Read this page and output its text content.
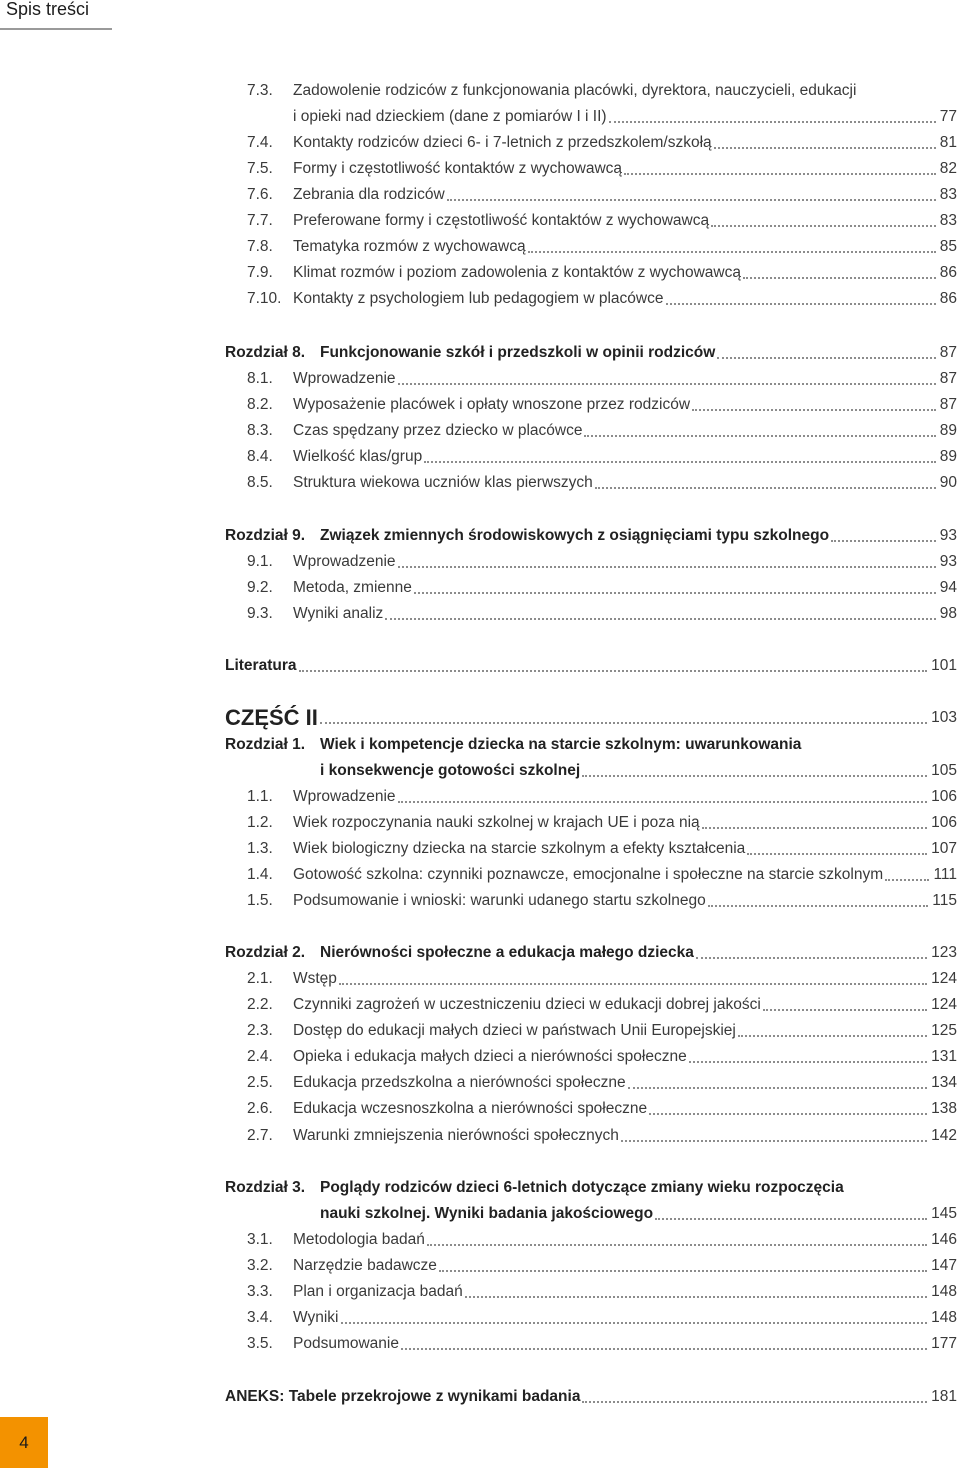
Spis treści
7.3.	Zadowolenie rodziców z funkcjonowania placówki, dyrektora, nauczycieli, edukacji
i opieki nad dzieckiem (dane z pomiarów I i II)	77
7.4.	Kontakty rodziców dzieci 6- i 7-letnich z przedszkolem/szkołą	81
7.5.	Formy i częstotliwość kontaktów z wychowawcą	82
7.6.	Zebrania dla rodziców	83
7.7.	Preferowane formy i częstotliwość kontaktów z wychowawcą	83
7.8.	Tematyka rozmów z wychowawcą	85
7.9.	Klimat rozmów i poziom zadowolenia z kontaktów z wychowawcą	86
7.10. Kontakty z psychologiem lub pedagogiem w placówce	86
Rozdział 8. Funkcjonowanie szkół i przedszkoli w opinii rodziców	87
8.1.	Wprowadzenie	87
8.2.	Wyposażenie placówek i opłaty wnoszone przez rodziców	87
8.3.	Czas spędzany przez dziecko w placówce	89
8.4.	Wielkość klas/grup	89
8.5.	Struktura wiekowa uczniów klas pierwszych	90
Rozdział 9. Związek zmiennych środowiskowych z osiągnięciami typu szkolnego	93
9.1.	Wprowadzenie	93
9.2.	Metoda, zmienne	94
9.3.	Wyniki analiz	98
Literatura	101
CZĘŚĆ II	103
Rozdział 1. Wiek i kompetencje dziecka na starcie szkolnym: uwarunkowania
i konsekwencje gotowości szkolnej	105
1.1.	Wprowadzenie	106
1.2.	Wiek rozpoczynania nauki szkolnej w krajach UE i poza nią	106
1.3.	Wiek biologiczny dziecka na starcie szkolnym a efekty kształcenia	107
1.4.	Gotowość szkolna: czynniki poznawcze, emocjonalne i społeczne na starcie szkolnym	111
1.5.	Podsumowanie i wnioski: warunki udanego startu szkolnego	115
Rozdział 2. Nierówności społeczne a edukacja małego dziecka	123
2.1.	Wstęp	124
2.2.	Czynniki zagrożeń w uczestniczeniu dzieci w edukacji dobrej jakości	124
2.3.	Dostęp do edukacji małych dzieci w państwach Unii Europejskiej	125
2.4.	Opieka i edukacja małych dzieci a nierówności społeczne	131
2.5.	Edukacja przedszkolna a nierówności społeczne	134
2.6.	Edukacja wczesnoszkolna a nierówności społeczne	138
2.7.	Warunki zmniejszenia nierówności społecznych	142
Rozdział 3. Poglądy rodziców dzieci 6-letnich dotyczące zmiany wieku rozpoczęcia
nauki szkolnej. Wyniki badania jakościowego	145
3.1.	Metodologia badań	146
3.2.	Narzędzie badawcze	147
3.3.	Plan i organizacja badań	148
3.4.	Wyniki	148
3.5.	Podsumowanie	177
ANEKS: Tabele przekrojowe z wynikami badania	181
4
